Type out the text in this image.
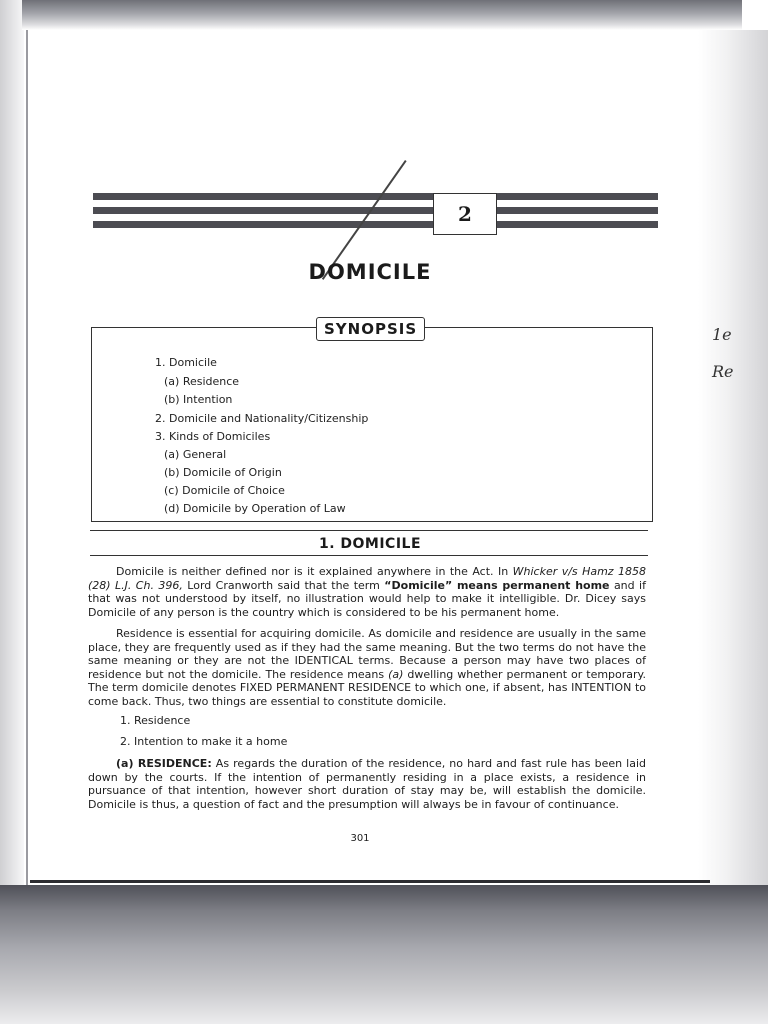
2
DOMICILE
SYNOPSIS
1. Domicile
(a) Residence
(b) Intention
2. Domicile and Nationality/Citizenship
3. Kinds of Domiciles
(a) General
(b) Domicile of Origin
(c) Domicile of Choice
(d) Domicile by Operation of Law
1. DOMICILE
Domicile is neither defined nor is it explained anywhere in the Act. In Whicker v/s Hamz 1858 (28) L.J. Ch. 396, Lord Cranworth said that the term “Domicile” means permanent home and if that was not understood by itself, no illustration would help to make it intelligible. Dr. Dicey says Domicile of any person is the country which is considered to be his permanent home.
Residence is essential for acquiring domicile. As domicile and residence are usually in the same place, they are frequently used as if they had the same meaning. But the two terms do not have the same meaning or they are not the IDENTICAL terms. Because a person may have two places of residence but not the domicile. The residence means (a) dwelling whether permanent or temporary. The term domicile denotes FIXED PERMANENT RESIDENCE to which one, if absent, has INTENTION to come back. Thus, two things are essential to constitute domicile.
1. Residence
2. Intention to make it a home
(a) RESIDENCE: As regards the duration of the residence, no hard and fast rule has been laid down by the courts. If the intention of permanently residing in a place exists, a residence in pursuance of that intention, however short duration of stay may be, will establish the domicile. Domicile is thus, a question of fact and the presumption will always be in favour of continuance.
301
1e
Re
